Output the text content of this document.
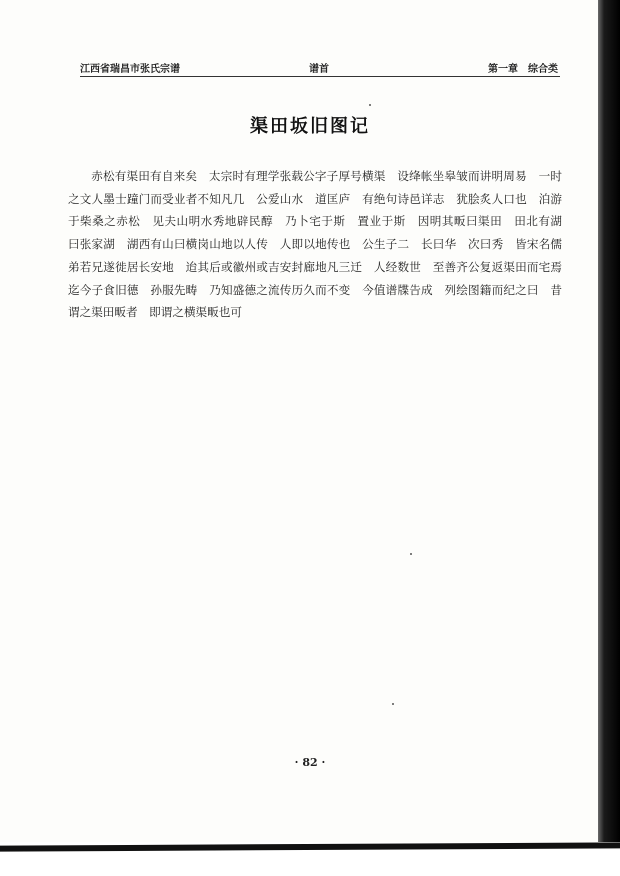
江西省瑞昌市张氏宗谱	谱首	第一章　综合类
渠田坂旧图记
赤松有渠田有自来矣　太宗时有理学张载公字子厚号横渠　设绛帐坐皋皱而讲明周易　一时之文人墨士蹱门而受业者不知凡几　公爱山水　道匡庐　有绝句诗邑详志　犹脍炙人口也　泊游于柴桑之赤松　见夫山明水秀地辟民醇　乃卜宅于斯　置业于斯　因明其畈曰渠田　田北有湖　曰张家湖　湖西有山曰横岗山地以人传　人即以地传也　公生子二　长曰华　次曰秀　皆宋名儒　弟若兄遂徙居长安地　迨其后或徽州或吉安封廊地凡三迁　人经数世　至善齐公复返渠田而宅焉　迄今子食旧德　孙服先畴　乃知盛德之流传历久而不变　今值谱牒告成　列绘图籍而纪之曰　昔谓之渠田畈者　即谓之横渠畈也可
· 82 ·
